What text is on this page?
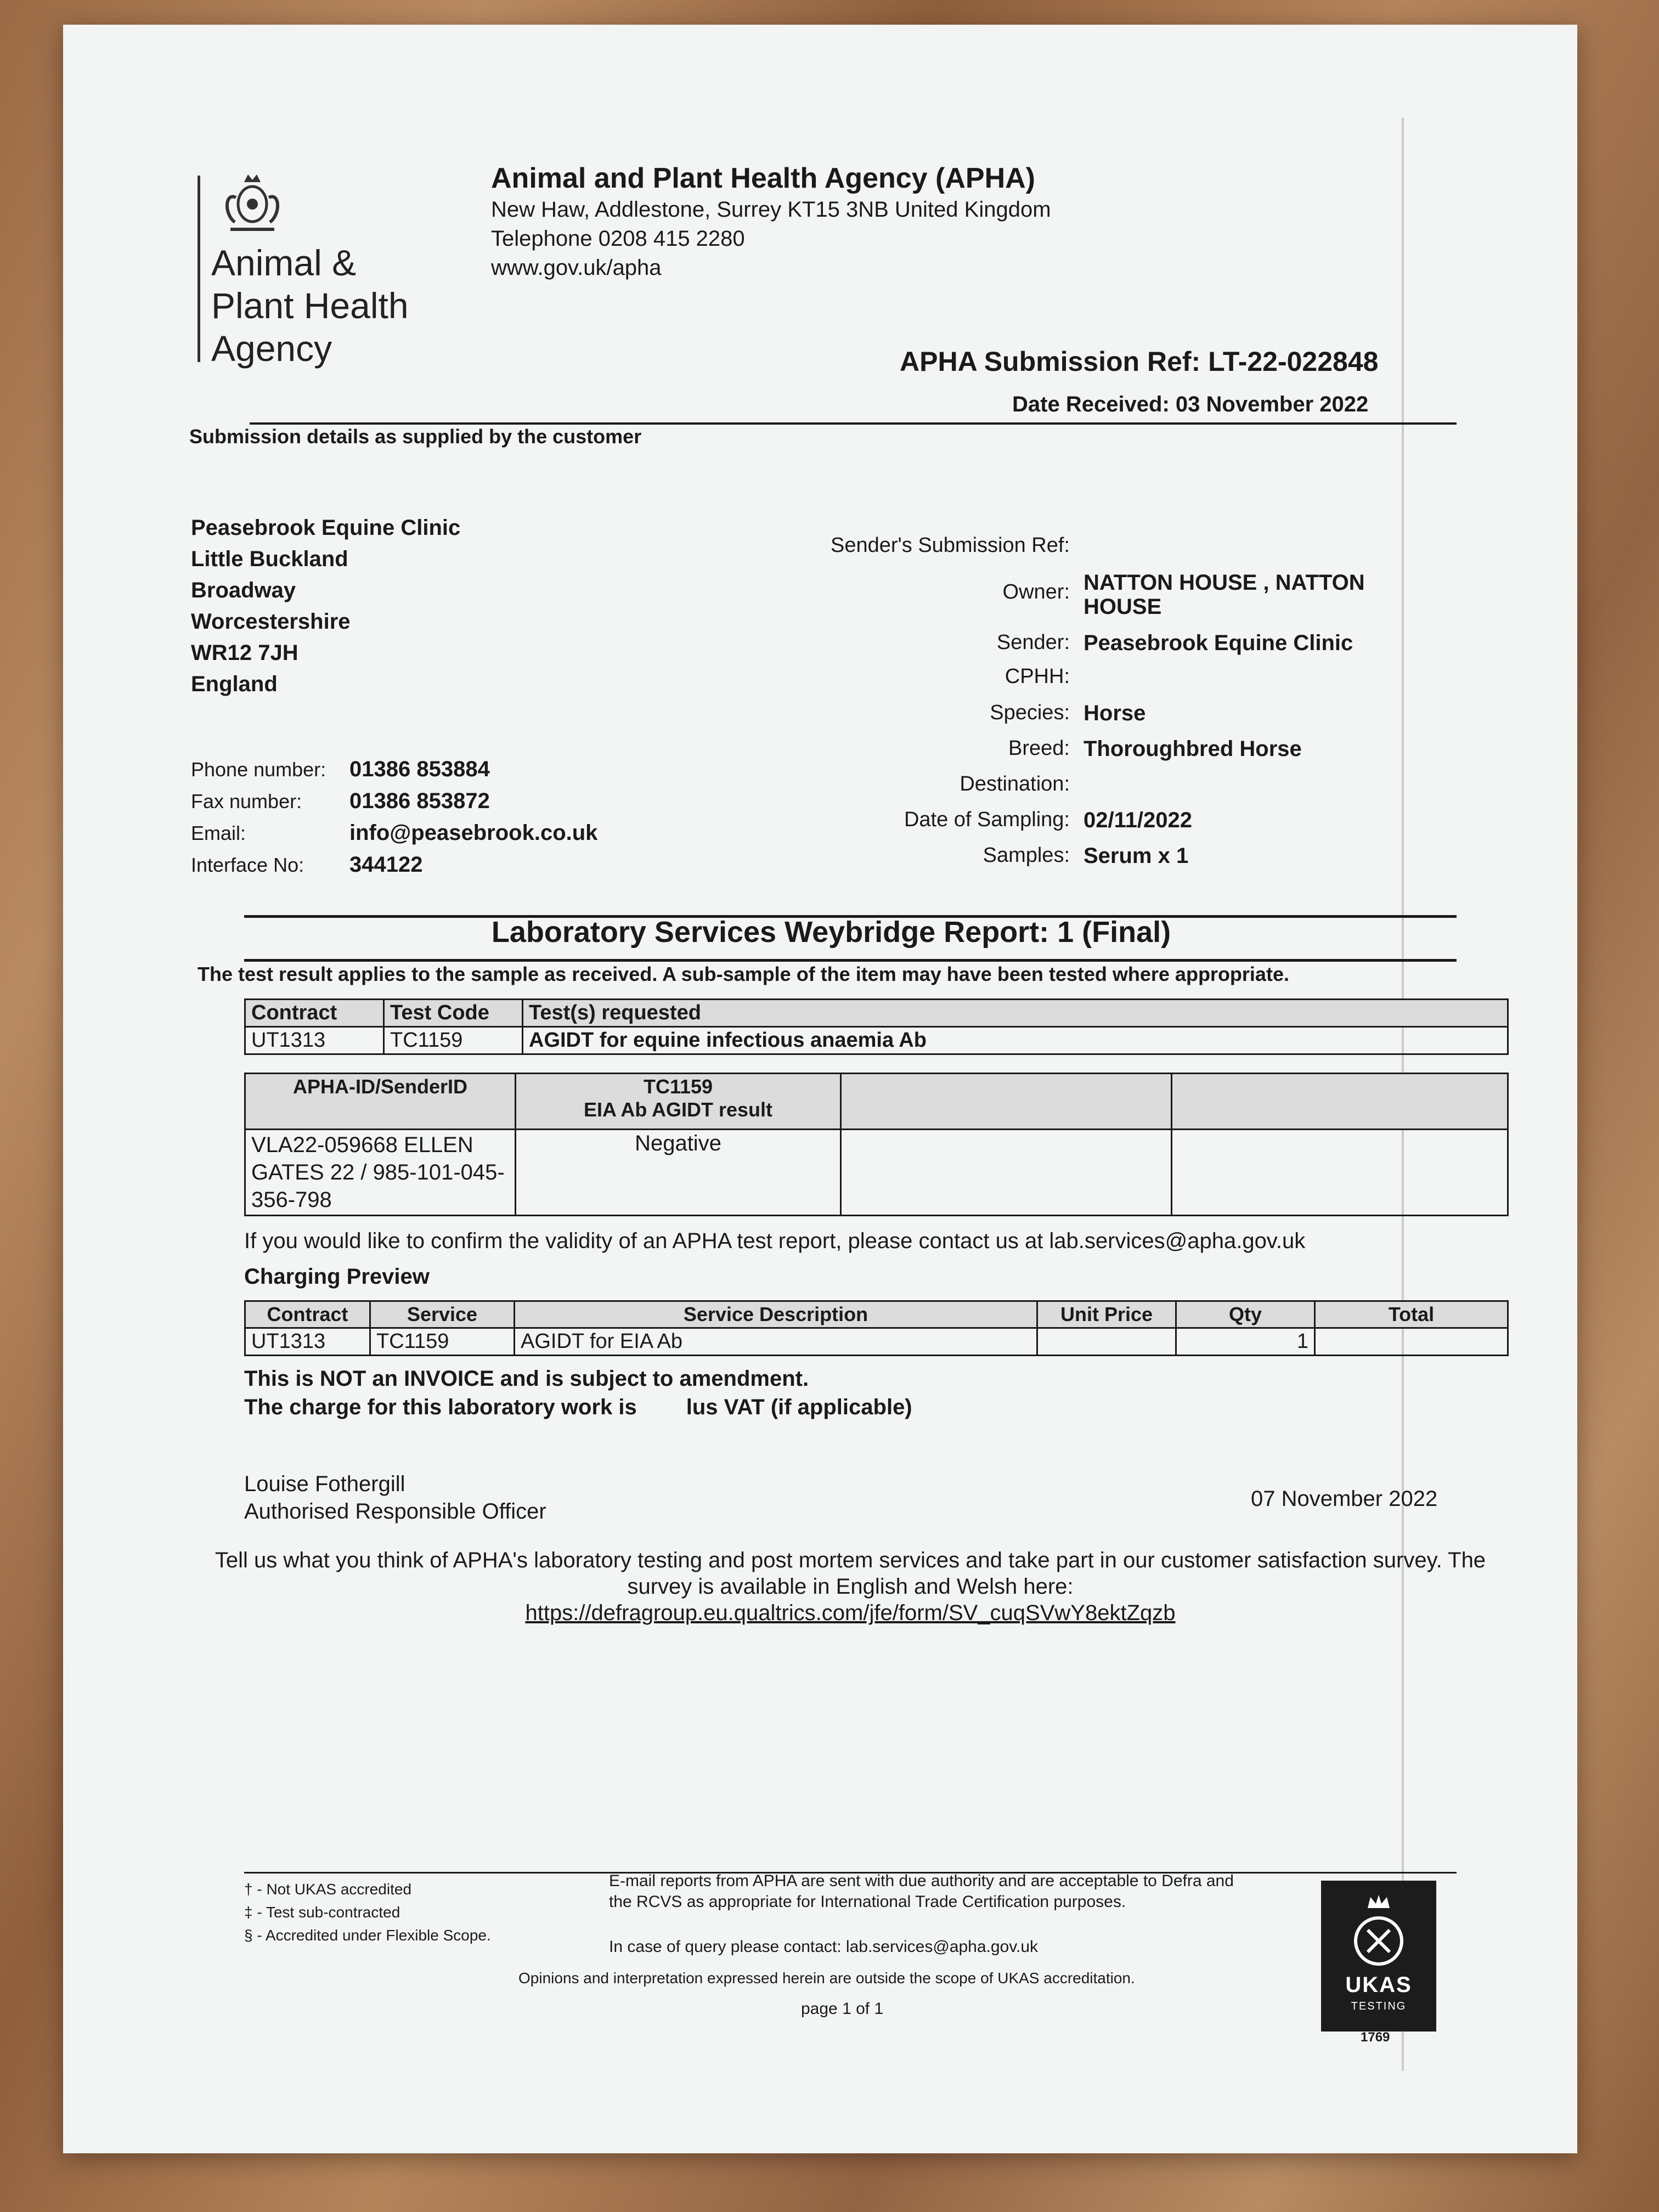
Animal &
Plant Health
Agency
Animal and Plant Health Agency (APHA)
New Haw, Addlestone, Surrey KT15 3NB United Kingdom
Telephone 0208 415 2280
www.gov.uk/apha
APHA Submission Ref: LT-22-022848
Date Received: 03 November 2022
Submission details as supplied by the customer
Peasebrook Equine Clinic
Little Buckland
Broadway
Worcestershire
WR12 7JH
England
Phone number: 01386 853884
Fax number: 01386 853872
Email:	info@peasebrook.co.uk
Interface No: 344122
Sender's Submission Ref:
Owner: NATTON HOUSE , NATTON HOUSE
Sender: Peasebrook Equine Clinic
CPHH:
Species: Horse
Breed: Thoroughbred Horse
Destination:
Date of Sampling: 02/11/2022
Samples: Serum x 1
Laboratory Services Weybridge Report: 1 (Final)
The test result applies to the sample as received. A sub-sample of the item may have been tested where appropriate.
Contract	Test Code	Test(s) requested
UT1313	TC1159	AGIDT for equine infectious anaemia Ab
APHA-ID/SenderID	TC1159
EIA Ab AGIDT result		

VLA22-059668 ELLEN GATES 22 / 985-101-045-356-798	Negative		
If you would like to confirm the validity of an APHA test report, please contact us at lab.services@apha.gov.uk
Charging Preview
Contract	Service	Service Description	Unit Price	Qty	Total
UT1313	TC1159	AGIDT for EIA Ab		1	
This is NOT an INVOICE and is subject to amendment.
The charge for this laboratory work is lus VAT (if applicable)
Louise Fothergill
Authorised Responsible Officer
07 November 2022
Tell us what you think of APHA's laboratory testing and post mortem services and take part in our customer satisfaction survey. The survey is available in English and Welsh here:
https://defragroup.eu.qualtrics.com/jfe/form/SV_cuqSVwY8ektZqzb
† - Not UKAS accredited
‡ - Test sub-contracted
§ - Accredited under Flexible Scope.
E-mail reports from APHA are sent with due authority and are acceptable to Defra and the RCVS as appropriate for International Trade Certification purposes.
In case of query please contact: lab.services@apha.gov.uk
Opinions and interpretation expressed herein are outside the scope of UKAS accreditation.
page 1 of 1
UKAS
TESTING
1769
